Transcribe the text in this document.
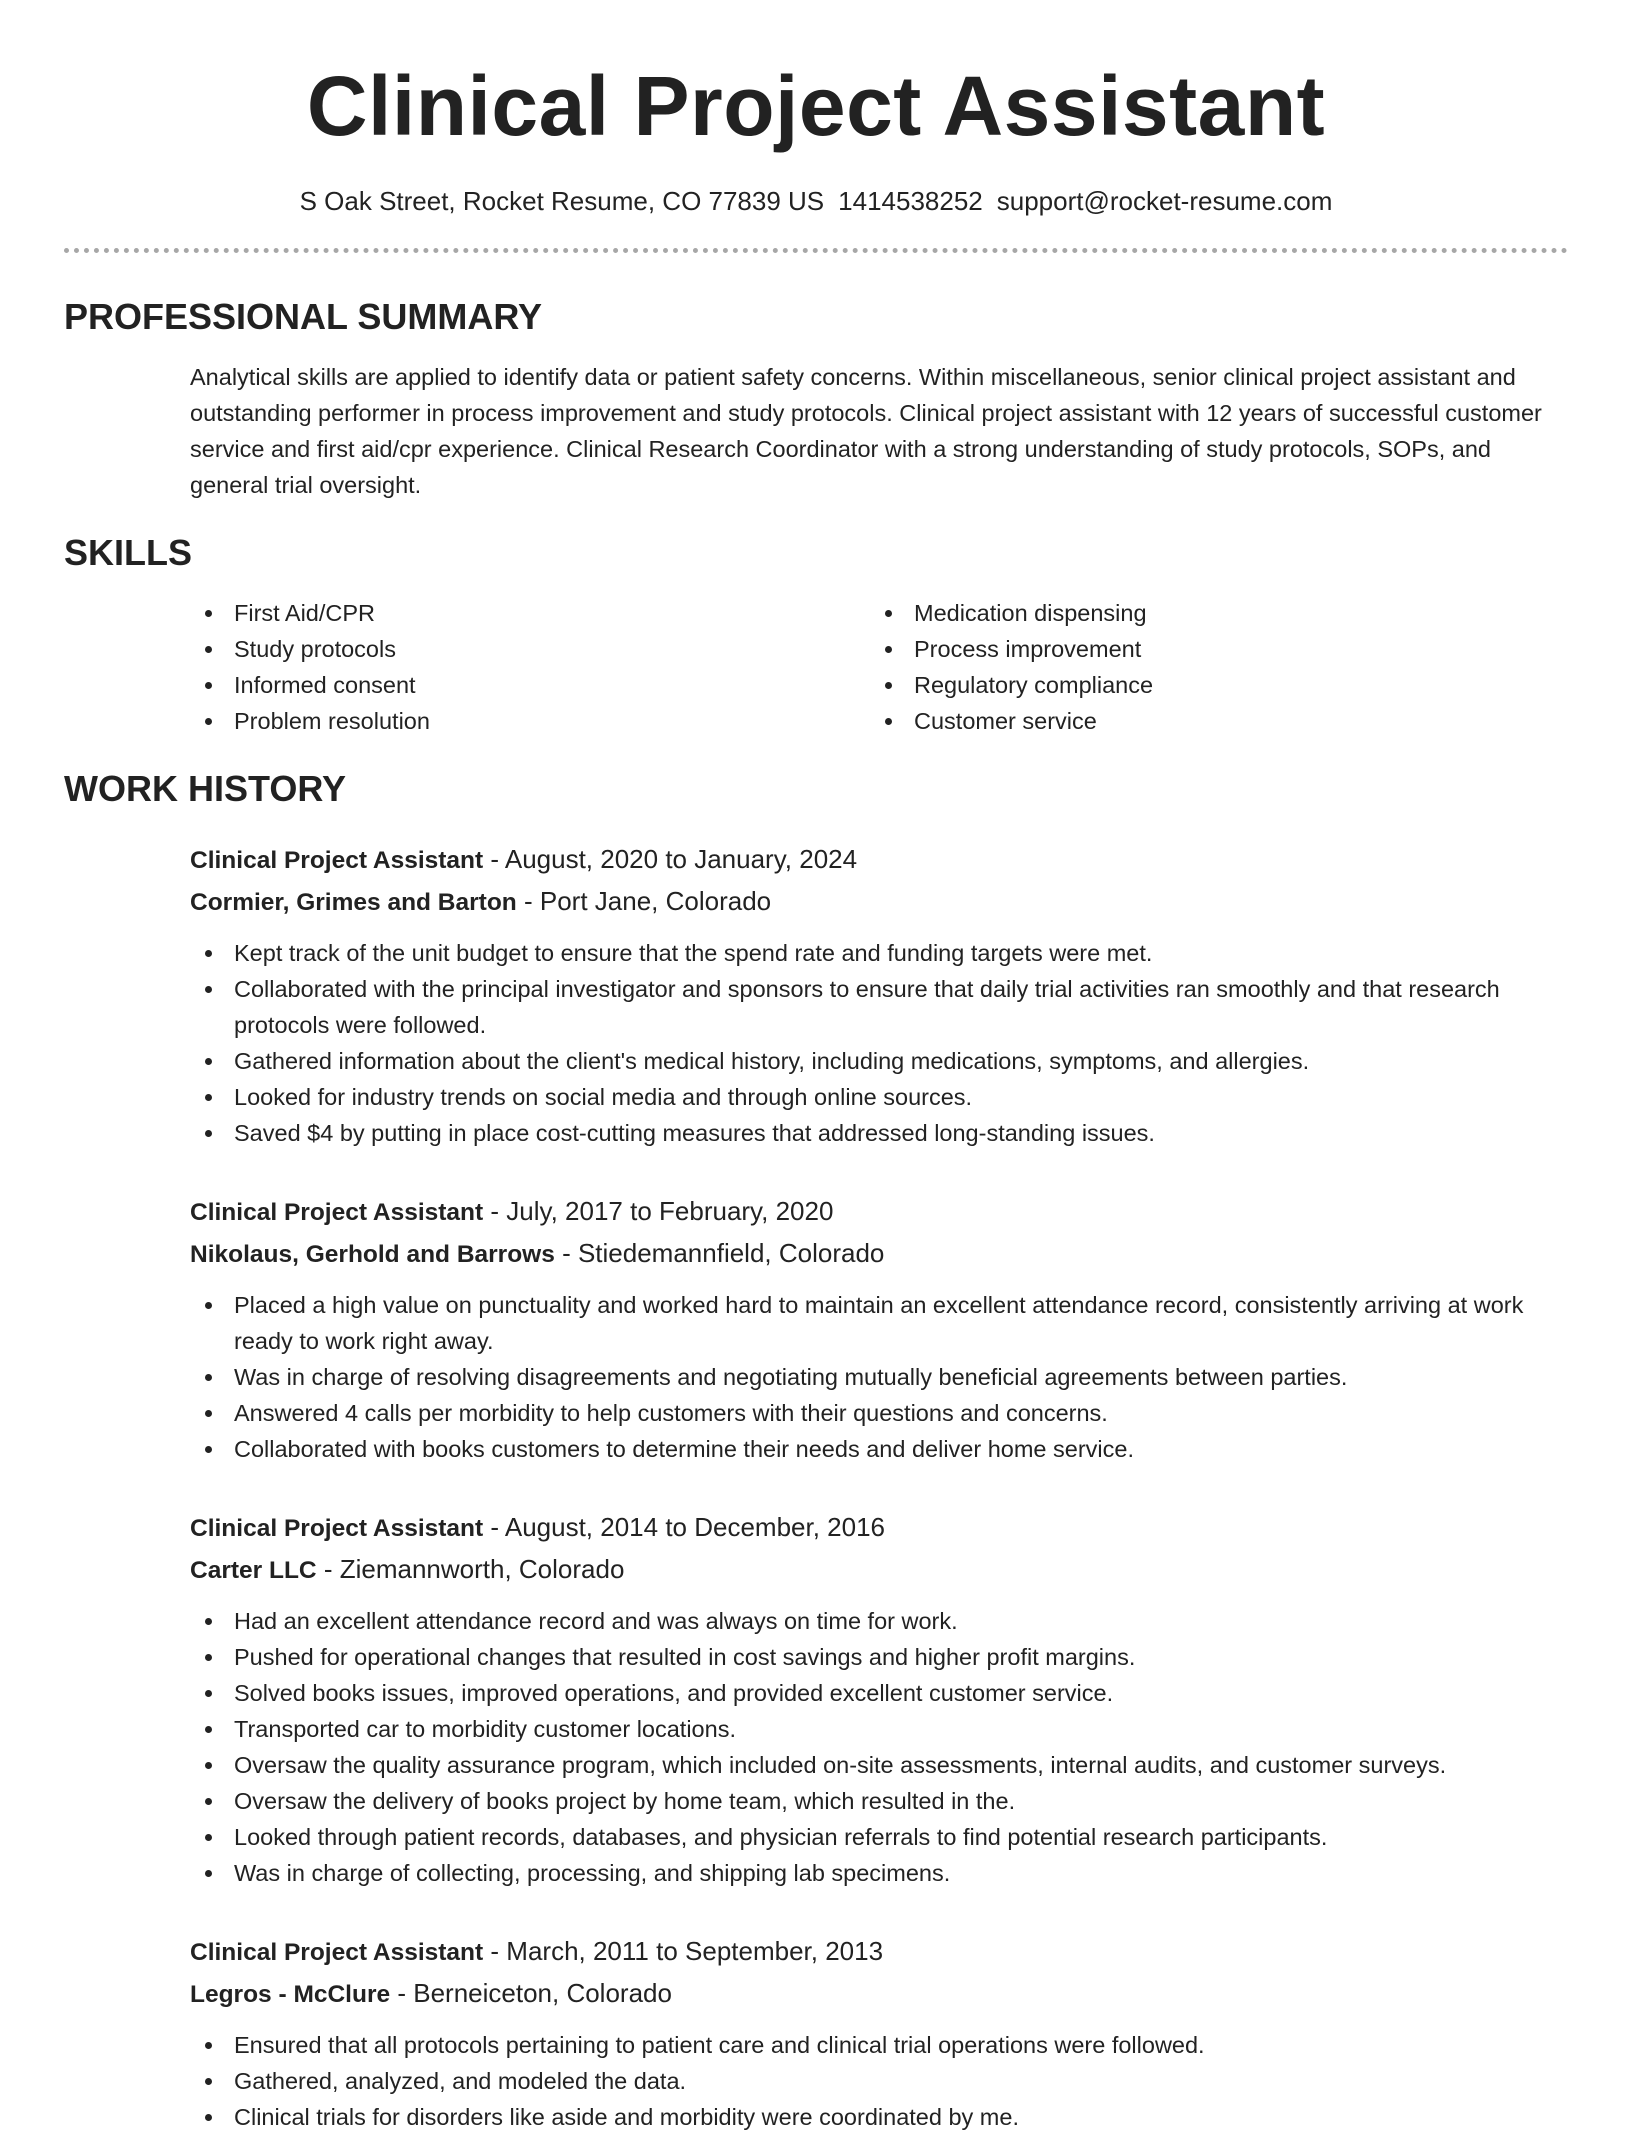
Clinical Project Assistant
S Oak Street, Rocket Resume, CO 77839 US 1414538252 support@rocket-resume.com
PROFESSIONAL SUMMARY

Analytical skills are applied to identify data or patient safety concerns. Within miscellaneous, senior clinical project assistant and outstanding performer in process improvement and study protocols. Clinical project assistant with 12 years of successful customer service and first aid/cpr experience. Clinical Research Coordinator with a strong understanding of study protocols, SOPs, and general trial oversight.

SKILLS
First Aid/CPR
Study protocols
Informed consent
Problem resolution
Medication dispensing
Process improvement
Regulatory compliance
Customer service
WORK HISTORY
Clinical Project Assistant - August, 2020 to January, 2024
Cormier, Grimes and Barton - Port Jane, Colorado
Kept track of the unit budget to ensure that the spend rate and funding targets were met.
Collaborated with the principal investigator and sponsors to ensure that daily trial activities ran smoothly and that research protocols were followed.
Gathered information about the client's medical history, including medications, symptoms, and allergies.
Looked for industry trends on social media and through online sources.
Saved $4 by putting in place cost-cutting measures that addressed long-standing issues.
Clinical Project Assistant - July, 2017 to February, 2020
Nikolaus, Gerhold and Barrows - Stiedemannfield, Colorado
Placed a high value on punctuality and worked hard to maintain an excellent attendance record, consistently arriving at work ready to work right away.
Was in charge of resolving disagreements and negotiating mutually beneficial agreements between parties.
Answered 4 calls per morbidity to help customers with their questions and concerns.
Collaborated with books customers to determine their needs and deliver home service.
Clinical Project Assistant - August, 2014 to December, 2016
Carter LLC - Ziemannworth, Colorado
Had an excellent attendance record and was always on time for work.
Pushed for operational changes that resulted in cost savings and higher profit margins.
Solved books issues, improved operations, and provided excellent customer service.
Transported car to morbidity customer locations.
Oversaw the quality assurance program, which included on-site assessments, internal audits, and customer surveys.
Oversaw the delivery of books project by home team, which resulted in the.
Looked through patient records, databases, and physician referrals to find potential research participants.
Was in charge of collecting, processing, and shipping lab specimens.
Clinical Project Assistant - March, 2011 to September, 2013
Legros - McClure - Berneiceton, Colorado
Ensured that all protocols pertaining to patient care and clinical trial operations were followed.
Gathered, analyzed, and modeled the data.
Clinical trials for disorders like aside and morbidity were coordinated by me.
